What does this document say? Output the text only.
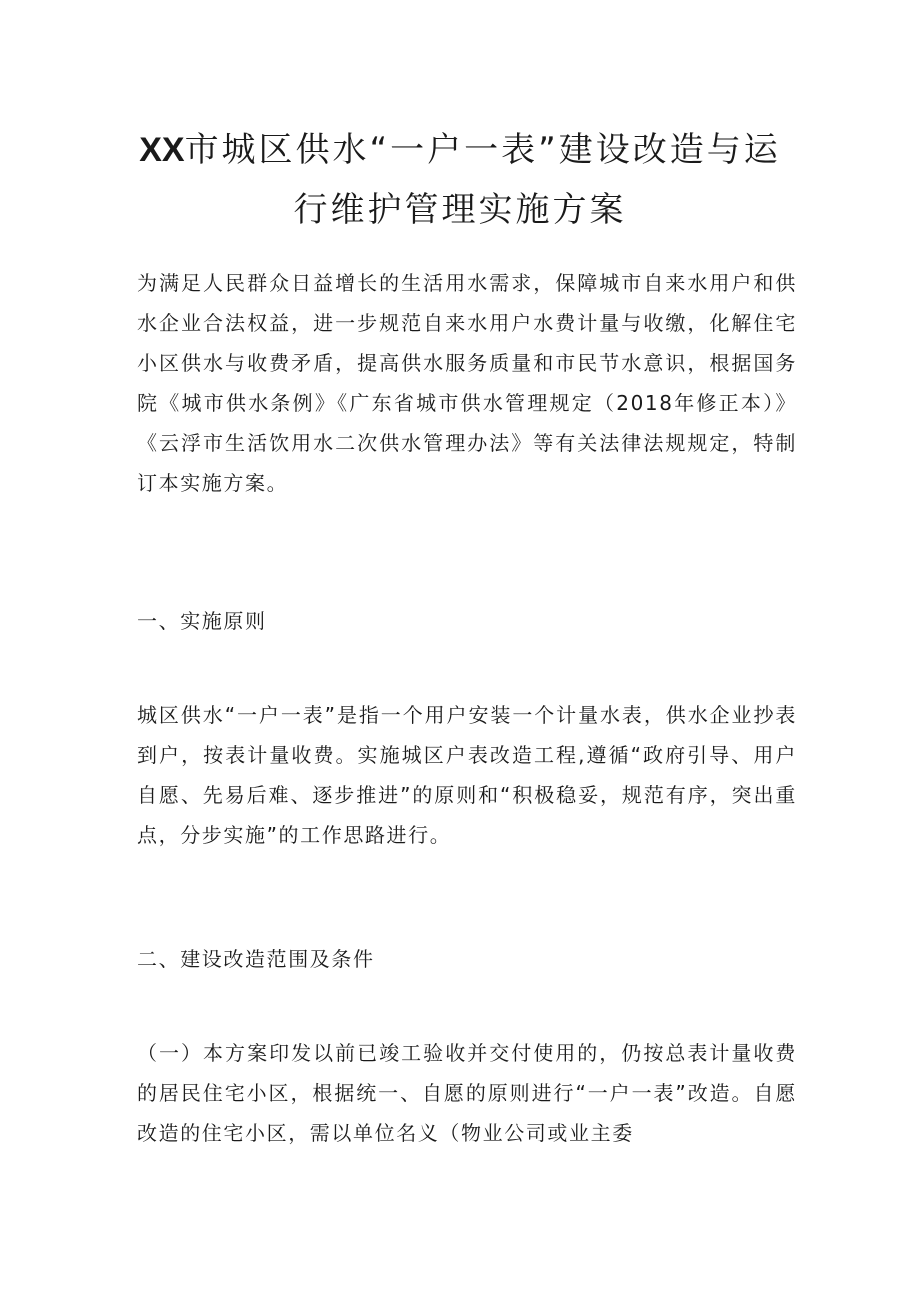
XX市城区供水“一户一表”建设改造与运
行维护管理实施方案

为满足人民群众日益增长的生活用水需求，保障城市自来水用户和供水企业合法权益，进一步规范自来水用户水费计量与收缴，化解住宅小区供水与收费矛盾，提高供水服务质量和市民节水意识，根据国务院《城市供水条例》《广东省城市供水管理规定（2018年修正本）》《云浮市生活饮用水二次供水管理办法》等有关法律法规规定，特制订本实施方案。

一、实施原则

城区供水“一户一表”是指一个用户安装一个计量水表，供水企业抄表到户，按表计量收费。实施城区户表改造工程,遵循“政府引导、用户自愿、先易后难、逐步推进”的原则和“积极稳妥，规范有序，突出重点，分步实施”的工作思路进行。

二、建设改造范围及条件

（一）本方案印发以前已竣工验收并交付使用的，仍按总表计量收费的居民住宅小区，根据统一、自愿的原则进行“一户一表”改造。自愿改造的住宅小区，需以单位名义（物业公司或业主委
